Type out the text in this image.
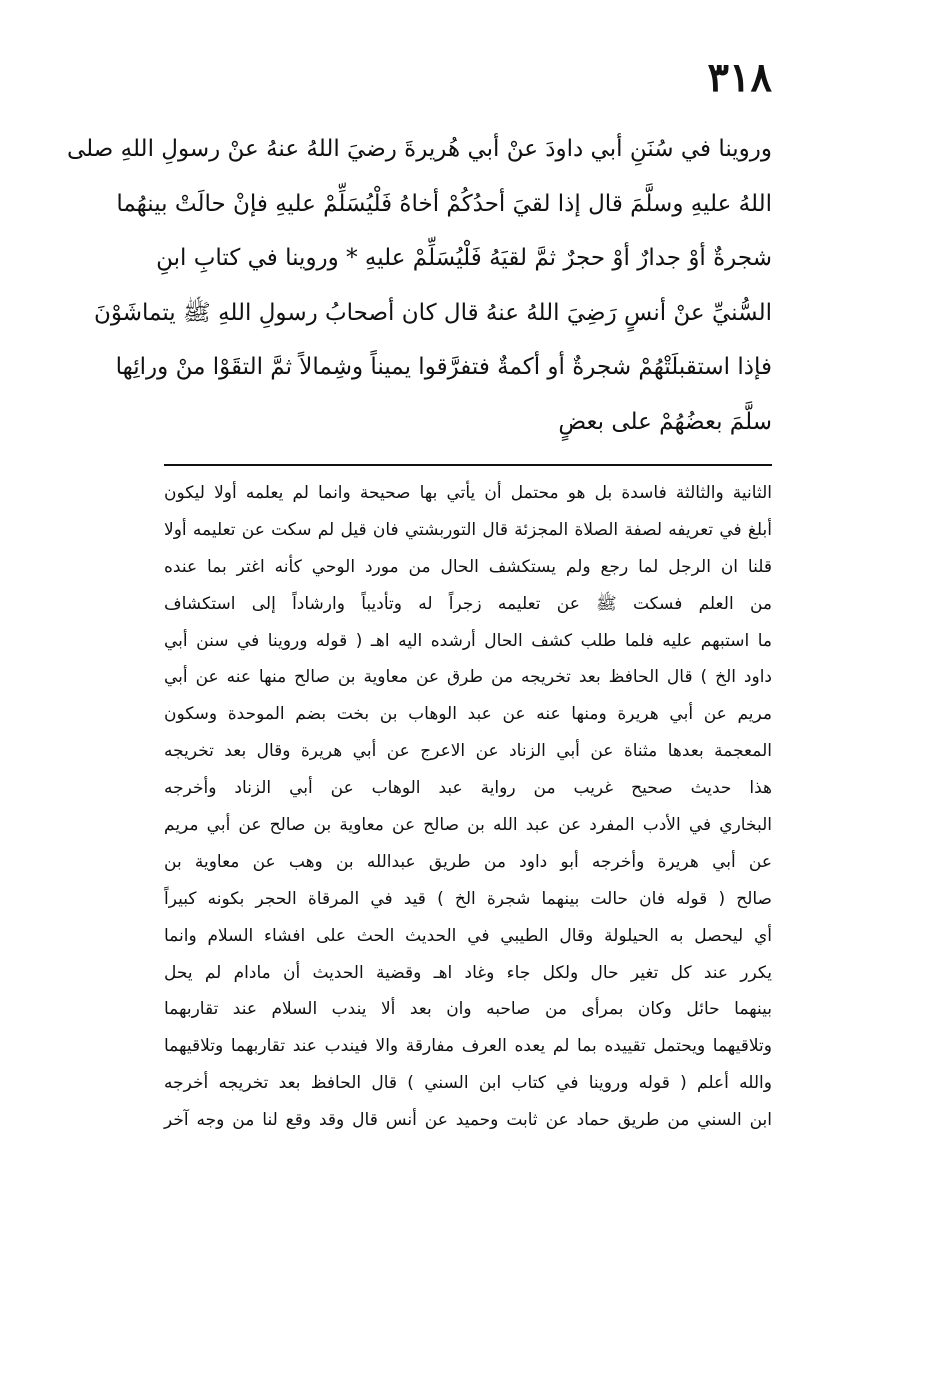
٣١٨
وروينا في سُنَنِ أبي داودَ عنْ أبي هُريرةَ رضيَ اللهُ عنهُ عنْ رسولِ اللهِ صلى
اللهُ عليهِ وسلَّمَ قال إذا لقيَ أحدُكُمْ أخاهُ فَلْيُسَلِّمْ عليهِ فإنْ حالَتْ بينهُما
شجرةٌ أوْ جدارٌ أوْ حجرٌ ثمَّ لقيَهُ فَلْيُسَلِّمْ عليهِ * وروينا في كتابِ ابنِ
السُّنيِّ عنْ أنسٍ رَضِيَ اللهُ عنهُ قال كان أصحابُ رسولِ اللهِ ﷺ يتماشَوْنَ
فإذا استقبلَتْهُمْ شجرةٌ أو أكمةٌ فتفرَّقوا يميناً وشِمالاً ثمَّ التقَوْا منْ ورائِها
سلَّمَ بعضُهُمْ على بعضٍ
الثانية والثالثة فاسدة بل هو محتمل أن يأتي بها صحيحة وانما لم يعلمه أولا ليكون
أبلغ في تعريفه لصفة الصلاة المجزئة قال التوربشتي فان قيل لم سكت عن تعليمه أولا
قلنا ان الرجل لما رجع ولم يستكشف الحال من مورد الوحي كأنه اغتر بما عنده
من العلم فسكت ﷺ عن تعليمه زجراً له وتأديباً وارشاداً إلى استكشاف
ما استبهم عليه فلما طلب كشف الحال أرشده اليه اهـ ( قوله وروينا في سنن أبي
داود الخ ) قال الحافظ بعد تخريجه من طرق عن معاوية بن صالح منها عنه عن أبي
مريم عن أبي هريرة ومنها عنه عن عبد الوهاب بن بخت بضم الموحدة وسكون
المعجمة بعدها مثناة عن أبي الزناد عن الاعرج عن أبي هريرة وقال بعد تخريجه
هذا حديث صحيح غريب من رواية عبد الوهاب عن أبي الزناد وأخرجه
البخاري في الأدب المفرد عن عبد الله بن صالح عن معاوية بن صالح عن أبي مريم
عن أبي هريرة وأخرجه أبو داود من طريق عبدالله بن وهب عن معاوية بن
صالح ( قوله فان حالت بينهما شجرة الخ ) قيد في المرقاة الحجر بكونه كبيراً
أي ليحصل به الحيلولة وقال الطيبي في الحديث الحث على افشاء السلام وانما
يكرر عند كل تغير حال ولكل جاء وغاد اهـ وقضية الحديث أن مادام لم يحل
بينهما حائل وكان بمرأى من صاحبه وان بعد ألا يندب السلام عند تقاربهما
وتلاقيهما ويحتمل تقييده بما لم يعده العرف مفارقة والا فيندب عند تقاربهما وتلاقيهما
والله أعلم ( قوله وروينا في كتاب ابن السني ) قال الحافظ بعد تخريجه أخرجه
ابن السني من طريق حماد عن ثابت وحميد عن أنس قال وقد وقع لنا من وجه آخر
